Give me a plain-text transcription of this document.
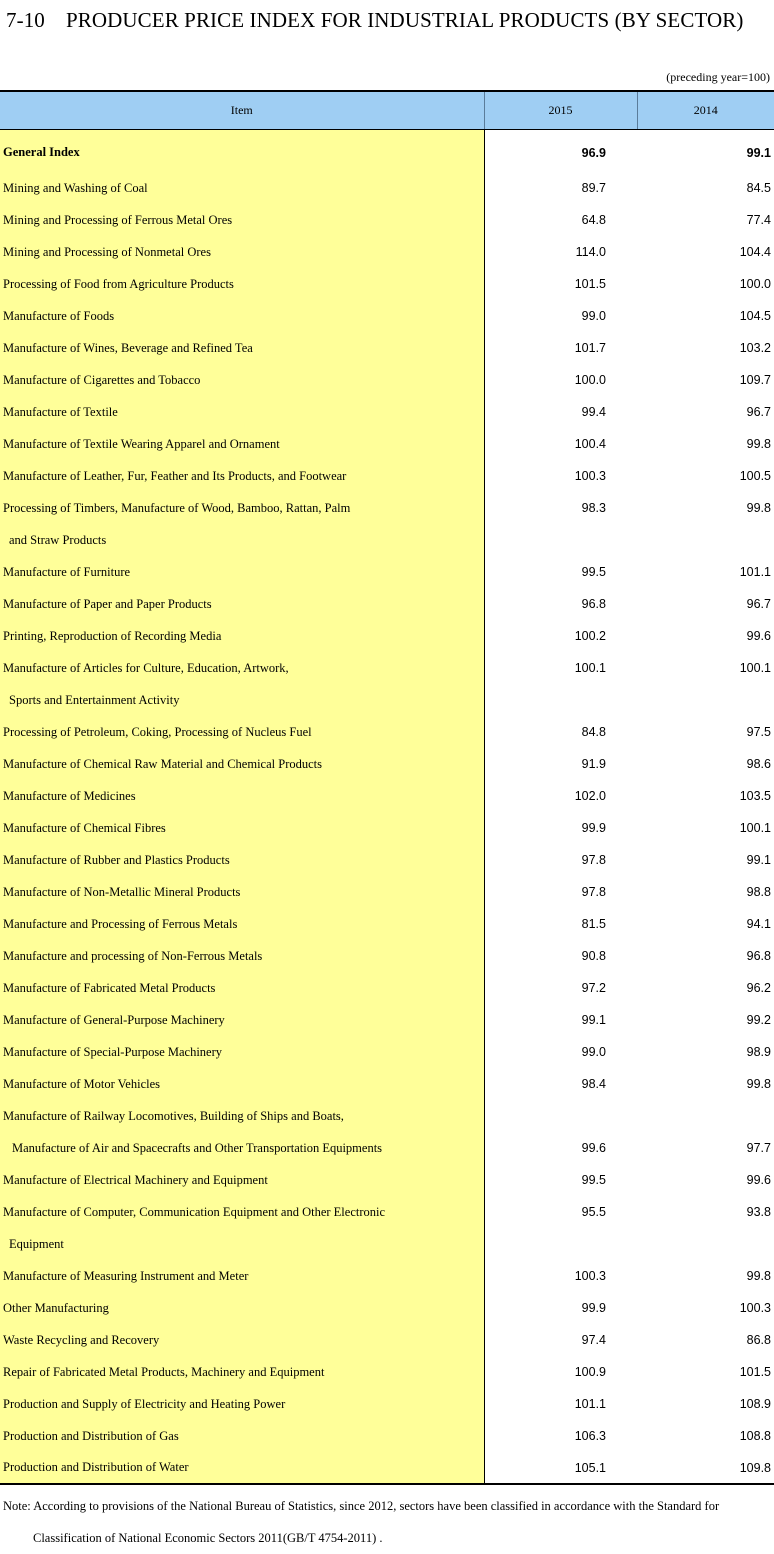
7-10　PRODUCER PRICE INDEX FOR INDUSTRIAL PRODUCTS (BY SECTOR)
(preceding year=100)
Item	2015	2014
General Index	96.9	99.1
Mining and Washing of Coal	89.7	84.5
Mining and Processing of Ferrous Metal Ores	64.8	77.4
Mining and Processing of Nonmetal Ores	114.0	104.4
Processing of Food from Agriculture Products	101.5	100.0
Manufacture of Foods	99.0	104.5
Manufacture of Wines, Beverage and Refined Tea	101.7	103.2
Manufacture of Cigarettes and Tobacco	100.0	109.7
Manufacture of Textile	99.4	96.7
Manufacture of Textile Wearing Apparel and Ornament	100.4	99.8
Manufacture of Leather, Fur, Feather and Its Products, and Footwear	100.3	100.5
Processing of Timbers, Manufacture of Wood, Bamboo, Rattan, Palm	98.3	99.8
and Straw Products		
Manufacture of Furniture	99.5	101.1
Manufacture of Paper and Paper Products	96.8	96.7
Printing, Reproduction of Recording Media	100.2	99.6
Manufacture of Articles for Culture, Education, Artwork,	100.1	100.1
Sports and Entertainment Activity		
Processing of Petroleum, Coking, Processing of Nucleus Fuel	84.8	97.5
Manufacture of Chemical Raw Material and Chemical Products	91.9	98.6
Manufacture of Medicines	102.0	103.5
Manufacture of Chemical Fibres	99.9	100.1
Manufacture of Rubber and Plastics Products	97.8	99.1
Manufacture of Non-Metallic Mineral Products	97.8	98.8
Manufacture and Processing of Ferrous Metals	81.5	94.1
Manufacture and processing of Non-Ferrous Metals	90.8	96.8
Manufacture of Fabricated Metal Products	97.2	96.2
Manufacture of General-Purpose Machinery	99.1	99.2
Manufacture of Special-Purpose Machinery	99.0	98.9
Manufacture of Motor Vehicles	98.4	99.8
Manufacture of Railway Locomotives, Building of Ships and Boats,		
Manufacture of Air and Spacecrafts and Other Transportation Equipments	99.6	97.7
Manufacture of Electrical Machinery and Equipment	99.5	99.6
Manufacture of Computer, Communication Equipment and Other Electronic	95.5	93.8
Equipment		
Manufacture of Measuring Instrument and Meter	100.3	99.8
Other Manufacturing	99.9	100.3
Waste Recycling and Recovery	97.4	86.8
Repair of Fabricated Metal Products, Machinery and Equipment	100.9	101.5
Production and Supply of Electricity and Heating Power	101.1	108.9
Production and Distribution of Gas	106.3	108.8
Production and Distribution of Water	105.1	109.8
Note: According to provisions of the National Bureau of Statistics, since 2012, sectors have been classified in accordance with the Standard for
Classification of National Economic Sectors 2011(GB/T 4754-2011) .
